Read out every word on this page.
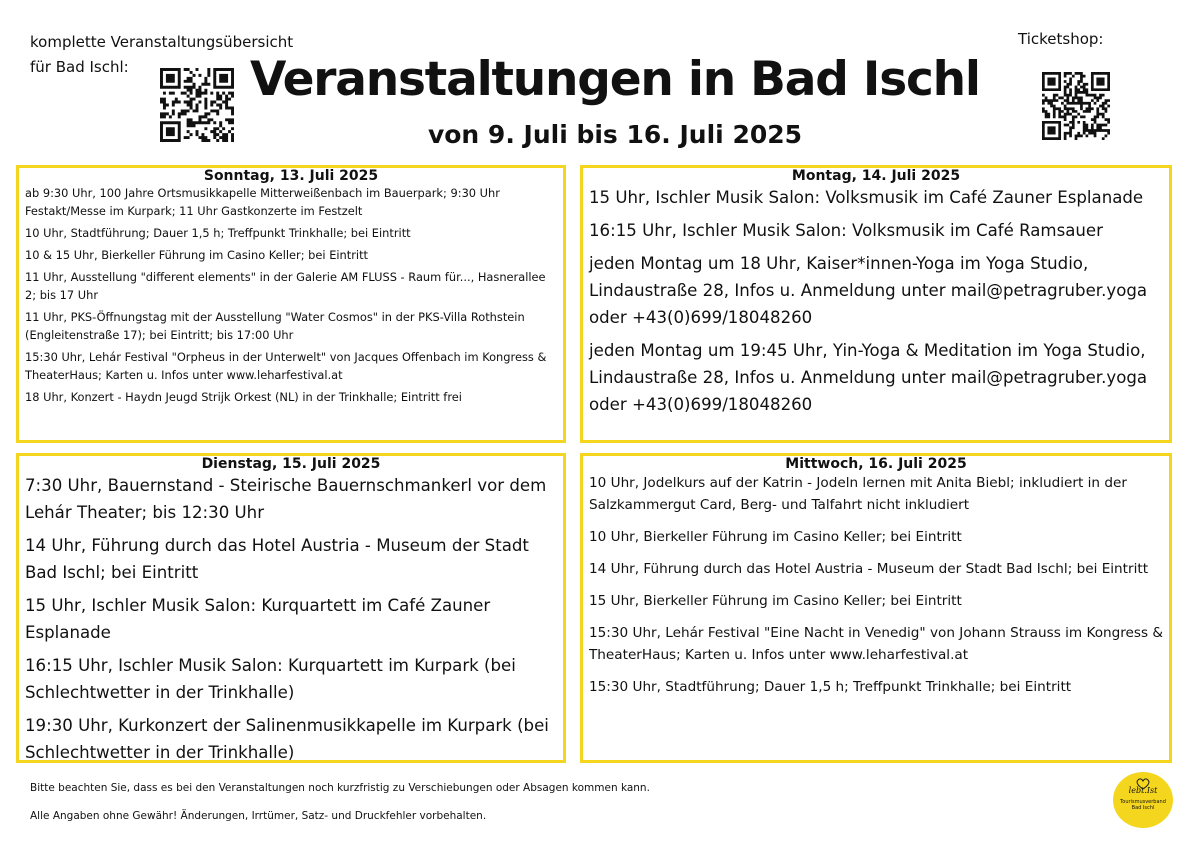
komplette Veranstaltungsübersicht
für Bad Ischl:	Veranstaltungen in Bad Ischl
von 9. Juli bis 16. Juli 2025
Ticketshop:
Sonntag, 13. Juli 2025
ab 9:30 Uhr, 100 Jahre Ortsmusikkapelle Mitterweißenbach im Bauerpark; 9:30 Uhr Festakt/Messe im Kurpark; 11 Uhr Gastkonzerte im Festzelt
10 Uhr, Stadtführung; Dauer 1,5 h; Treffpunkt Trinkhalle; bei Eintritt
10 & 15 Uhr, Bierkeller Führung im Casino Keller; bei Eintritt
11 Uhr, Ausstellung "different elements" in der Galerie AM FLUSS - Raum für..., Hasnerallee 2; bis 17 Uhr
11 Uhr, PKS-Öffnungstag mit der Ausstellung "Water Cosmos" in der PKS-Villa Rothstein (Engleitenstraße 17); bei Eintritt; bis 17:00 Uhr
15:30 Uhr, Lehár Festival "Orpheus in der Unterwelt" von Jacques Offenbach im Kongress & TheaterHaus; Karten u. Infos unter www.leharfestival.at
18 Uhr, Konzert - Haydn Jeugd Strijk Orkest (NL) in der Trinkhalle; Eintritt frei
Montag, 14. Juli 2025
15 Uhr, Ischler Musik Salon: Volksmusik im Café Zauner Esplanade
16:15 Uhr, Ischler Musik Salon: Volksmusik im Café Ramsauer
jeden Montag um 18 Uhr, Kaiser*innen-Yoga im Yoga Studio, Lindaustraße 28, Infos u. Anmeldung unter mail@petragruber.yoga oder +43(0)699/18048260
jeden Montag um 19:45 Uhr, Yin-Yoga & Meditation im Yoga Studio, Lindaustraße 28, Infos u. Anmeldung unter mail@petragruber.yoga oder +43(0)699/18048260
Dienstag, 15. Juli 2025
7:30 Uhr, Bauernstand - Steirische Bauernschmankerl vor dem Lehár Theater; bis 12:30 Uhr
14 Uhr, Führung durch das Hotel Austria - Museum der Stadt Bad Ischl; bei Eintritt
15 Uhr, Ischler Musik Salon: Kurquartett im Café Zauner Esplanade
16:15 Uhr, Ischler Musik Salon: Kurquartett im Kurpark (bei Schlechtwetter in der Trinkhalle)
19:30 Uhr, Kurkonzert der Salinenmusikkapelle im Kurpark (bei Schlechtwetter in der Trinkhalle)
Mittwoch, 16. Juli 2025
10 Uhr, Jodelkurs auf der Katrin - Jodeln lernen mit Anita Biebl; inkludiert in der Salzkammergut Card, Berg- und Talfahrt nicht inkludiert
10 Uhr, Bierkeller Führung im Casino Keller; bei Eintritt
14 Uhr, Führung durch das Hotel Austria - Museum der Stadt Bad Ischl; bei Eintritt
15 Uhr, Bierkeller Führung im Casino Keller; bei Eintritt
15:30 Uhr, Lehár Festival "Eine Nacht in Venedig" von Johann Strauss im Kongress & TheaterHaus; Karten u. Infos unter www.leharfestival.at
15:30 Uhr, Stadtführung; Dauer 1,5 h; Treffpunkt Trinkhalle; bei Eintritt

Bitte beachten Sie, dass es bei den Veranstaltungen noch kurzfristig zu Verschiebungen oder Absagen kommen kann.

Alle Angaben ohne Gewähr! Änderungen, Irrtümer, Satz- und Druckfehler vorbehalten.

lebt.Ist
Tourismusverband
Bad Ischl
